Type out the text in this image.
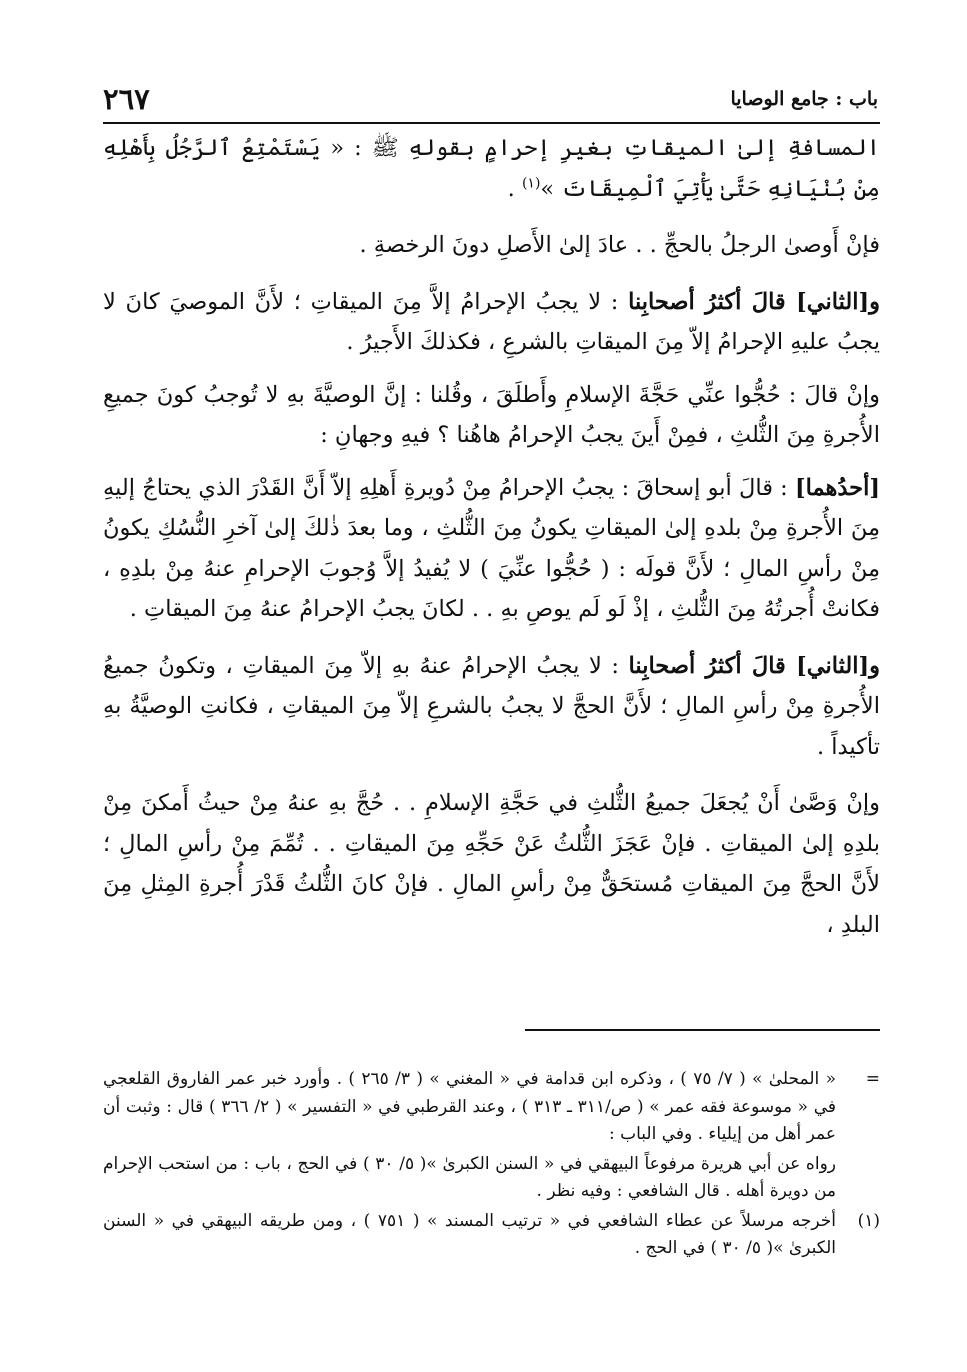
باب : جامع الوصايا
٢٦٧

المسافةِ إلىٰ الميقاتِ بغيرِ إحرامٍ بقولهِ ﷺ : « يَسْتَمْتِعُ ٱلرَّجُلُ بِأَهْلِهِ مِنْ بُنْيَانِهِ حَتَّىٰ يَأْتِيَ ٱلْمِيقَاتَ »$^{(١)}$ .

فإنْ أَوصىٰ الرجلُ بالحجِّ . . عادَ إلىٰ الأَصلِ دونَ الرخصةِ .

و[الثاني] قالَ أكثرُ أصحابِنا : لا يجبُ الإحرامُ إلاَّ مِنَ الميقاتِ ؛ لأَنَّ الموصيَ كانَ لا يجبُ عليهِ الإحرامُ إلاّ مِنَ الميقاتِ بالشرعِ ، فكذلكَ الأَجيرُ .

وإنْ قالَ : حُجُّوا عنِّي حَجَّةَ الإسلامِ وأَطلَقَ ، وقُلنا : إنَّ الوصيَّةَ بهِ لا تُوجبُ كونَ جميعِ الأُجرةِ مِنَ الثُّلثِ ، فمِنْ أَينَ يجبُ الإحرامُ هاهُنا ؟ فيهِ وجهانِ :

[أحدُهما] : قالَ أبو إسحاقَ : يجبُ الإحرامُ مِنْ دُويرةِ أَهلِهِ إلاّ أَنَّ القَدْرَ الذي يحتاجُ إليهِ مِنَ الأُجرةِ مِنْ بلدهِ إلىٰ الميقاتِ يكونُ مِنَ الثُّلثِ ، وما بعدَ ذٰلكَ إلىٰ آخرِ النُّسُكِ يكونُ مِنْ رأسِ المالِ ؛ لأَنَّ قولَه : ( حُجُّوا عنِّيَ ) لا يُفيدُ إلاَّ وُجوبَ الإحرامِ عنهُ مِنْ بلدِهِ ، فكانتْ أُجرتُهُ مِنَ الثُّلثِ ، إذْ لَو لَم يوصِ بهِ . . لكانَ يجبُ الإحرامُ عنهُ مِنَ الميقاتِ .

و[الثاني] قالَ أكثرُ أصحابِنا : لا يجبُ الإحرامُ عنهُ بهِ إلاّ مِنَ الميقاتِ ، وتكونُ جميعُ الأُجرةِ مِنْ رأسِ المالِ ؛ لأَنَّ الحجَّ لا يجبُ بالشرعِ إلاّ مِنَ الميقاتِ ، فكانتِ الوصيَّةُ بهِ تأكيداً .

وإنْ وَصَّىٰ أَنْ يُجعَلَ جميعُ الثُّلثِ في حَجَّةِ الإسلامِ . . حُجَّ بهِ عنهُ مِنْ حيثُ أَمكنَ مِنْ بلدِهِ إلىٰ الميقاتِ . فإنْ عَجَزَ الثُّلثُ عَنْ حَجِّهِ مِنَ الميقاتِ . . تُمِّمَ مِنْ رأسِ المالِ ؛ لأَنَّ الحجَّ مِنَ الميقاتِ مُستحَقٌّ مِنْ رأسِ المالِ . فإنْ كانَ الثُّلثُ قَدْرَ أُجرةِ المِثلِ مِنَ البلدِ ،

=
« المحلىٰ » ( ٧/ ٧٥ ) ، وذكره ابن قدامة في « المغني » ( ٣/ ٢٦٥ ) . وأورد خبر عمر الفاروق القلعجي في « موسوعة فقه عمر » ( ص/٣١١ ـ ٣١٣ ) ، وعند القرطبي في « التفسير » ( ٢/ ٣٦٦ ) قال : وثبت أن عمر أهل من إيلياء . وفي الباب :
رواه عن أبي هريرة مرفوعاً البيهقي في « السنن الكبرىٰ »( ٥/ ٣٠ ) في الحج ، باب : من استحب الإحرام من دويرة أهله . قال الشافعي : وفيه نظر .
(١)
أخرجه مرسلاً عن عطاء الشافعي في « ترتيب المسند » ( ٧٥١ ) ، ومن طريقه البيهقي في « السنن الكبرىٰ »( ٥/ ٣٠ ) في الحج .
